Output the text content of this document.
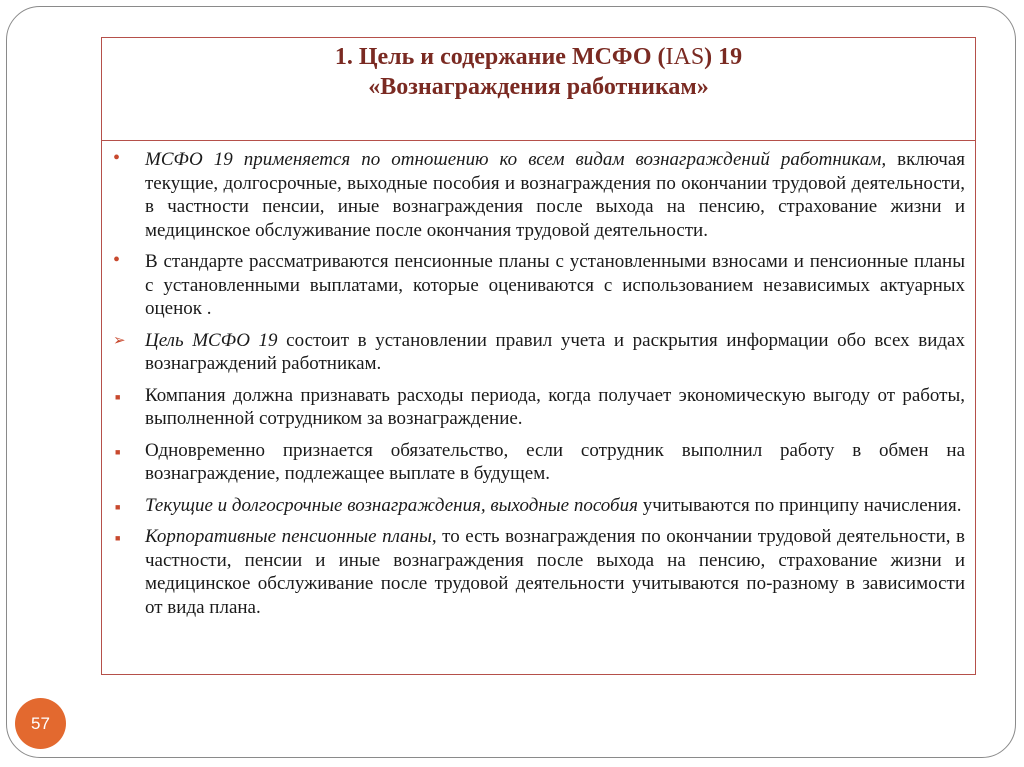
1. Цель и содержание МСФО (IAS) 19
«Вознаграждения работникам»
•	МСФО 19 применяется по отношению ко всем видам вознаграждений работникам, включая текущие, долгосрочные, выходные пособия и вознаграждения по окончании трудовой деятельности, в частности пенсии, иные вознаграждения после выхода на пенсию, страхование жизни и медицинское обслуживание после окончания трудовой деятельности.
•	В стандарте рассматриваются пенсионные планы с установленными взносами и пенсионные планы с установленными выплатами, которые оцениваются с использованием независимых актуарных оценок .
➢	Цель МСФО 19 состоит в установлении правил учета и раскрытия информации обо всех видах вознаграждений работникам.
■	Компания должна признавать расходы периода, когда получает экономическую выгоду от работы, выполненной сотрудником за вознаграждение.
■	Одновременно признается обязательство, если сотрудник выполнил работу в обмен на вознаграждение, подлежащее выплате в будущем.
■	Текущие и долгосрочные вознаграждения, выходные пособия учитываются по принципу начисления.
■	Корпоративные пенсионные планы, то есть вознаграждения по окончании трудовой деятельности, в частности, пенсии и иные вознаграждения после выхода на пенсию, страхование жизни и медицинское обслуживание после трудовой деятельности учитываются по-разному в зависимости от вида плана.
57
